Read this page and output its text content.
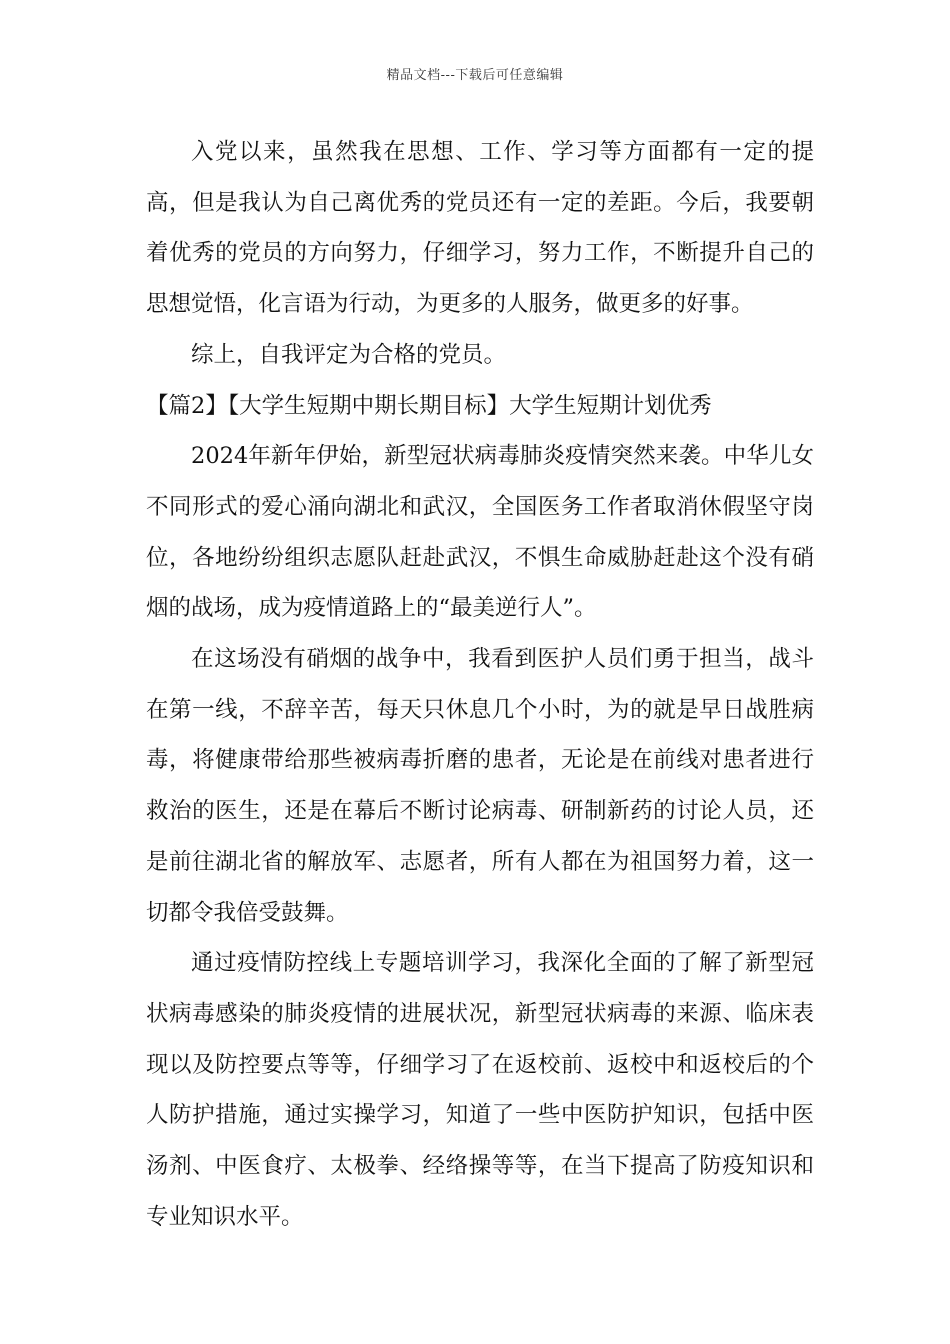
精品文档---下载后可任意编辑

入党以来，虽然我在思想、工作、学习等方面都有一定的提高，但是我认为自己离优秀的党员还有一定的差距。今后，我要朝着优秀的党员的方向努力，仔细学习，努力工作，不断提升自己的思想觉悟，化言语为行动，为更多的人服务，做更多的好事。

综上，自我评定为合格的党员。

【篇2】【大学生短期中期长期目标】大学生短期计划优秀

2024年新年伊始，新型冠状病毒肺炎疫情突然来袭。中华儿女不同形式的爱心涌向湖北和武汉，全国医务工作者取消休假坚守岗位，各地纷纷组织志愿队赶赴武汉，不惧生命威胁赶赴这个没有硝烟的战场，成为疫情道路上的“最美逆行人”。

在这场没有硝烟的战争中，我看到医护人员们勇于担当，战斗在第一线，不辞辛苦，每天只休息几个小时，为的就是早日战胜病毒，将健康带给那些被病毒折磨的患者，无论是在前线对患者进行救治的医生，还是在幕后不断讨论病毒、研制新药的讨论人员，还是前往湖北省的解放军、志愿者，所有人都在为祖国努力着，这一切都令我倍受鼓舞。

通过疫情防控线上专题培训学习，我深化全面的了解了新型冠状病毒感染的肺炎疫情的进展状况，新型冠状病毒的来源、临床表现以及防控要点等等，仔细学习了在返校前、返校中和返校后的个人防护措施，通过实操学习，知道了一些中医防护知识，包括中医汤剂、中医食疗、太极拳、经络操等等，在当下提高了防疫知识和专业知识水平。
